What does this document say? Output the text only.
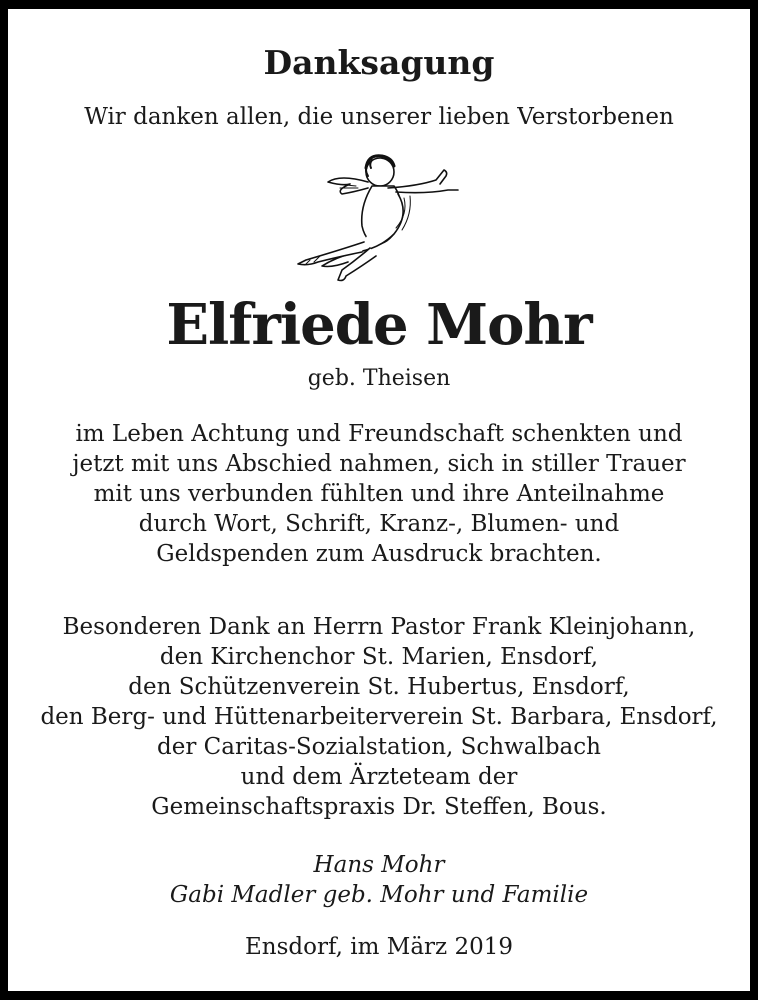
Danksagung
Wir danken allen, die unserer lieben Verstorbenen
Elfriede Mohr
geb. Theisen
im Leben Achtung und Freundschaft schenkten und
jetzt mit uns Abschied nahmen, sich in stiller Trauer
mit uns verbunden fühlten und ihre Anteilnahme
durch Wort, Schrift, Kranz-, Blumen- und
Geldspenden zum Ausdruck brachten.
Besonderen Dank an Herrn Pastor Frank Kleinjohann,
den Kirchenchor St. Marien, Ensdorf,
den Schützenverein St. Hubertus, Ensdorf,
den Berg- und Hüttenarbeiterverein St. Barbara, Ensdorf,
der Caritas-Sozialstation, Schwalbach
und dem Ärzteteam der
Gemeinschaftspraxis Dr. Steffen, Bous.
Hans Mohr
Gabi Madler geb. Mohr und Familie
Ensdorf, im März 2019
